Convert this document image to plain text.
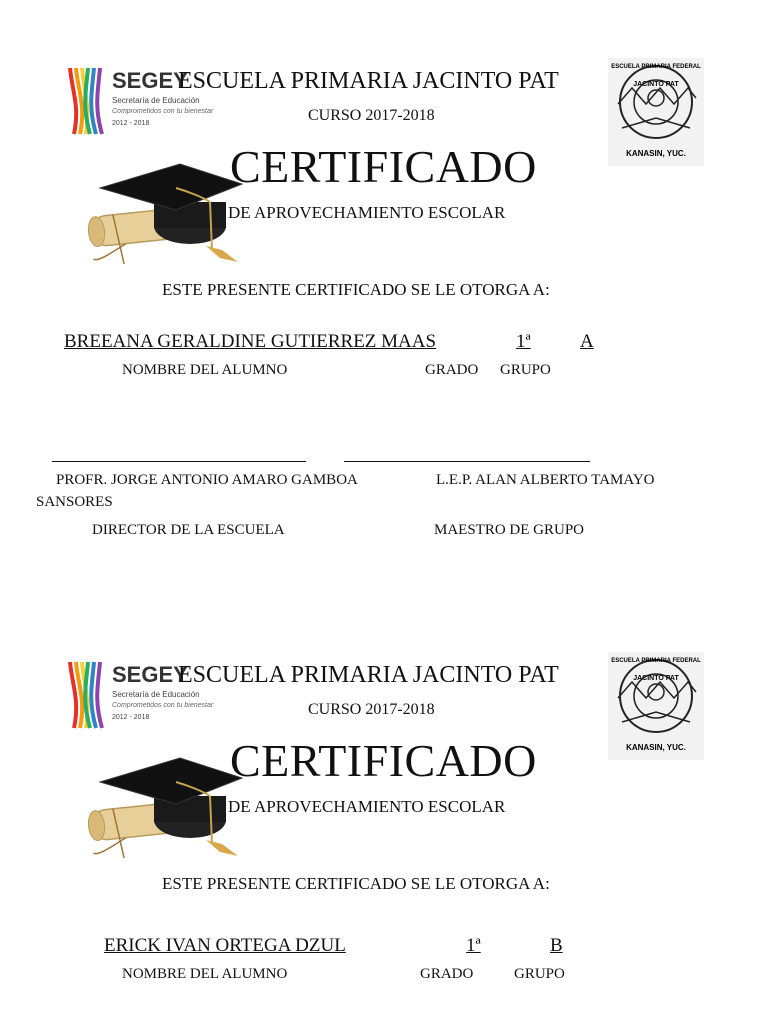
SEGEY
Secretaría de Educación
Comprometidos con tu bienestar
2012 - 2018
ESCUELA PRIMARIA JACINTO PAT
CURSO 2017-2018
ESCUELA PRIMARIA FEDERAL
JACINTO PAT
KANASIN, YUC.
CERTIFICADO
DE APROVECHAMIENTO ESCOLAR
ESTE PRESENTE CERTIFICADO SE LE OTORGA A:
BREEANA GERALDINE GUTIERREZ MAAS	1ª	A
NOMBRE DEL ALUMNO	GRADO GRUPO
PROFR. JORGE ANTONIO AMARO GAMBOA	L.E.P. ALAN ALBERTO TAMAYO
SANSORES
DIRECTOR DE LA ESCUELA	MAESTRO DE GRUPO
SEGEY
Secretaría de Educación
Comprometidos con tu bienestar
2012 - 2018
ESCUELA PRIMARIA JACINTO PAT
CURSO 2017-2018
ESCUELA PRIMARIA FEDERAL
JACINTO PAT
KANASIN, YUC.
CERTIFICADO
DE APROVECHAMIENTO ESCOLAR
ESTE PRESENTE CERTIFICADO SE LE OTORGA A:
ERICK IVAN ORTEGA DZUL	1ª	B
NOMBRE DEL ALUMNO	GRADO	GRUPO
